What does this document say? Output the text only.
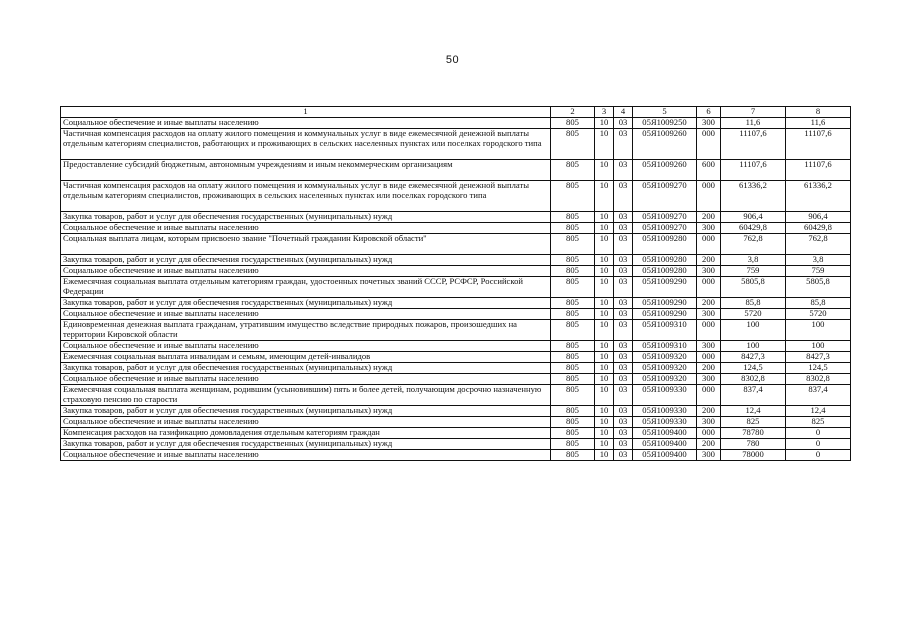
50
1	2	3	4	5	6	7	8
Социальное обеспечение и иные выплаты населению	805	10	03	05Я1009250	300	11,6	11,6
Частичная компенсация расходов на оплату жилого помещения и коммунальных услуг в виде ежемесячной денежной выплаты отдельным категориям специалистов, работающих и проживающих в сельских населенных пунктах или поселках городского типа	805	10	03	05Я1009260	000	11107,6	11107,6
Предоставление субсидий бюджетным, автономным учреждениям и иным некоммерческим организациям	805	10	03	05Я1009260	600	11107,6	11107,6
Частичная компенсация расходов на оплату жилого помещения и коммунальных услуг в виде ежемесячной денежной выплаты отдельным категориям специалистов, проживающих в сельских населенных пунктах или поселках городского типа	805	10	03	05Я1009270	000	61336,2	61336,2
Закупка товаров, работ и услуг для обеспечения государственных (муниципальных) нужд	805	10	03	05Я1009270	200	906,4	906,4
Социальное обеспечение и иные выплаты населению	805	10	03	05Я1009270	300	60429,8	60429,8
Социальная выплата лицам, которым присвоено звание "Почетный гражданин Кировской области"	805	10	03	05Я1009280	000	762,8	762,8
Закупка товаров, работ и услуг для обеспечения государственных (муниципальных) нужд	805	10	03	05Я1009280	200	3,8	3,8
Социальное обеспечение и иные выплаты населению	805	10	03	05Я1009280	300	759	759
Ежемесячная социальная выплата отдельным категориям граждан, удостоенных почетных званий СССР, РСФСР, Российской Федерации	805	10	03	05Я1009290	000	5805,8	5805,8
Закупка товаров, работ и услуг для обеспечения государственных (муниципальных) нужд	805	10	03	05Я1009290	200	85,8	85,8
Социальное обеспечение и иные выплаты населению	805	10	03	05Я1009290	300	5720	5720
Единовременная денежная выплата гражданам, утратившим имущество вследствие природных пожаров, произошедших на территории Кировской области	805	10	03	05Я1009310	000	100	100
Социальное обеспечение и иные выплаты населению	805	10	03	05Я1009310	300	100	100
Ежемесячная социальная выплата инвалидам и семьям, имеющим детей-инвалидов	805	10	03	05Я1009320	000	8427,3	8427,3
Закупка товаров, работ и услуг для обеспечения государственных (муниципальных) нужд	805	10	03	05Я1009320	200	124,5	124,5
Социальное обеспечение и иные выплаты населению	805	10	03	05Я1009320	300	8302,8	8302,8
Ежемесячная социальная выплата женщинам, родившим (усыновившим) пять и более детей, получающим досрочно назначенную страховую пенсию по старости	805	10	03	05Я1009330	000	837,4	837,4
Закупка товаров, работ и услуг для обеспечения государственных (муниципальных) нужд	805	10	03	05Я1009330	200	12,4	12,4
Социальное обеспечение и иные выплаты населению	805	10	03	05Я1009330	300	825	825
Компенсация расходов на газификацию домовладения отдельным категориям граждан	805	10	03	05Я1009400	000	78780	0
Закупка товаров, работ и услуг для обеспечения государственных (муниципальных) нужд	805	10	03	05Я1009400	200	780	0
Социальное обеспечение и иные выплаты населению	805	10	03	05Я1009400	300	78000	0
